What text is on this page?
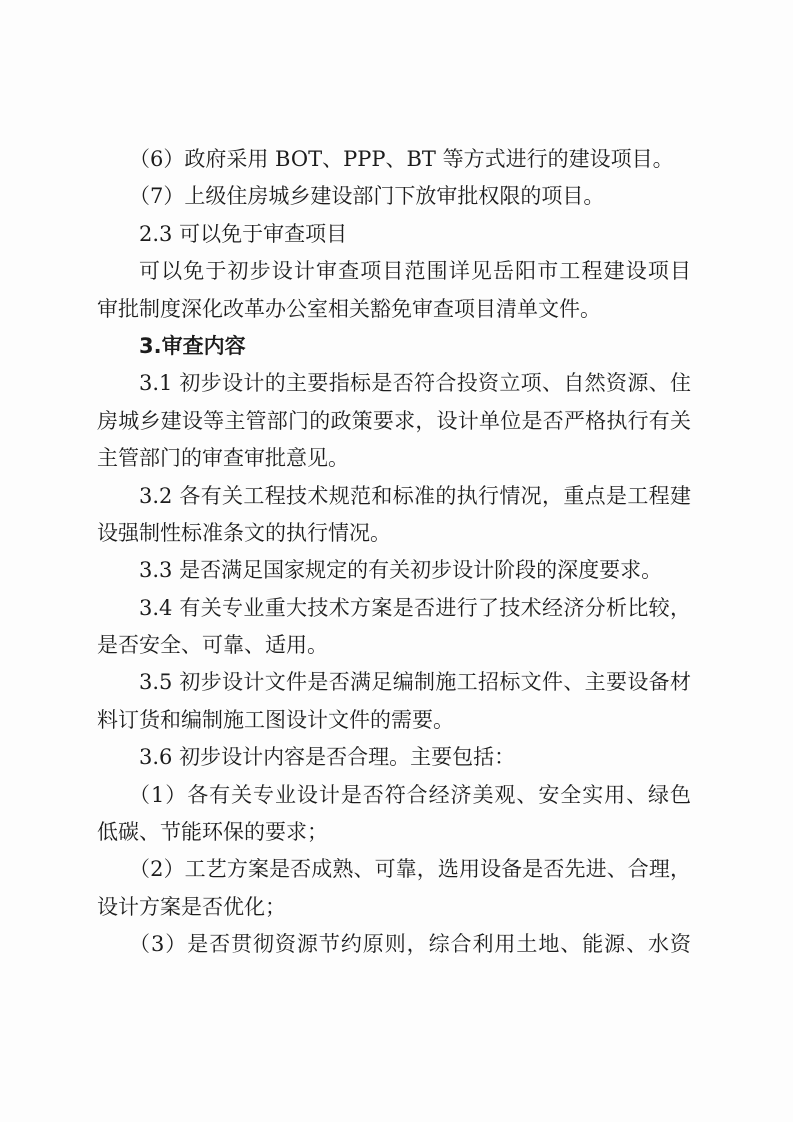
（6）政府采用 BOT、PPP、BT 等方式进行的建设项目。
（7）上级住房城乡建设部门下放审批权限的项目。
2.3 可以免于审查项目
可以免于初步设计审查项目范围详见岳阳市工程建设项目
审批制度深化改革办公室相关豁免审查项目清单文件。
3.审查内容
3.1 初步设计的主要指标是否符合投资立项、自然资源、住
房城乡建设等主管部门的政策要求，设计单位是否严格执行有关
主管部门的审查审批意见。
3.2 各有关工程技术规范和标准的执行情况，重点是工程建
设强制性标准条文的执行情况。
3.3 是否满足国家规定的有关初步设计阶段的深度要求。
3.4 有关专业重大技术方案是否进行了技术经济分析比较，
是否安全、可靠、适用。
3.5 初步设计文件是否满足编制施工招标文件、主要设备材
料订货和编制施工图设计文件的需要。
3.6 初步设计内容是否合理。主要包括：
（1）各有关专业设计是否符合经济美观、安全实用、绿色
低碳、节能环保的要求；
（2）工艺方案是否成熟、可靠，选用设备是否先进、合理，
设计方案是否优化；
（3）是否贯彻资源节约原则，综合利用土地、能源、水资
